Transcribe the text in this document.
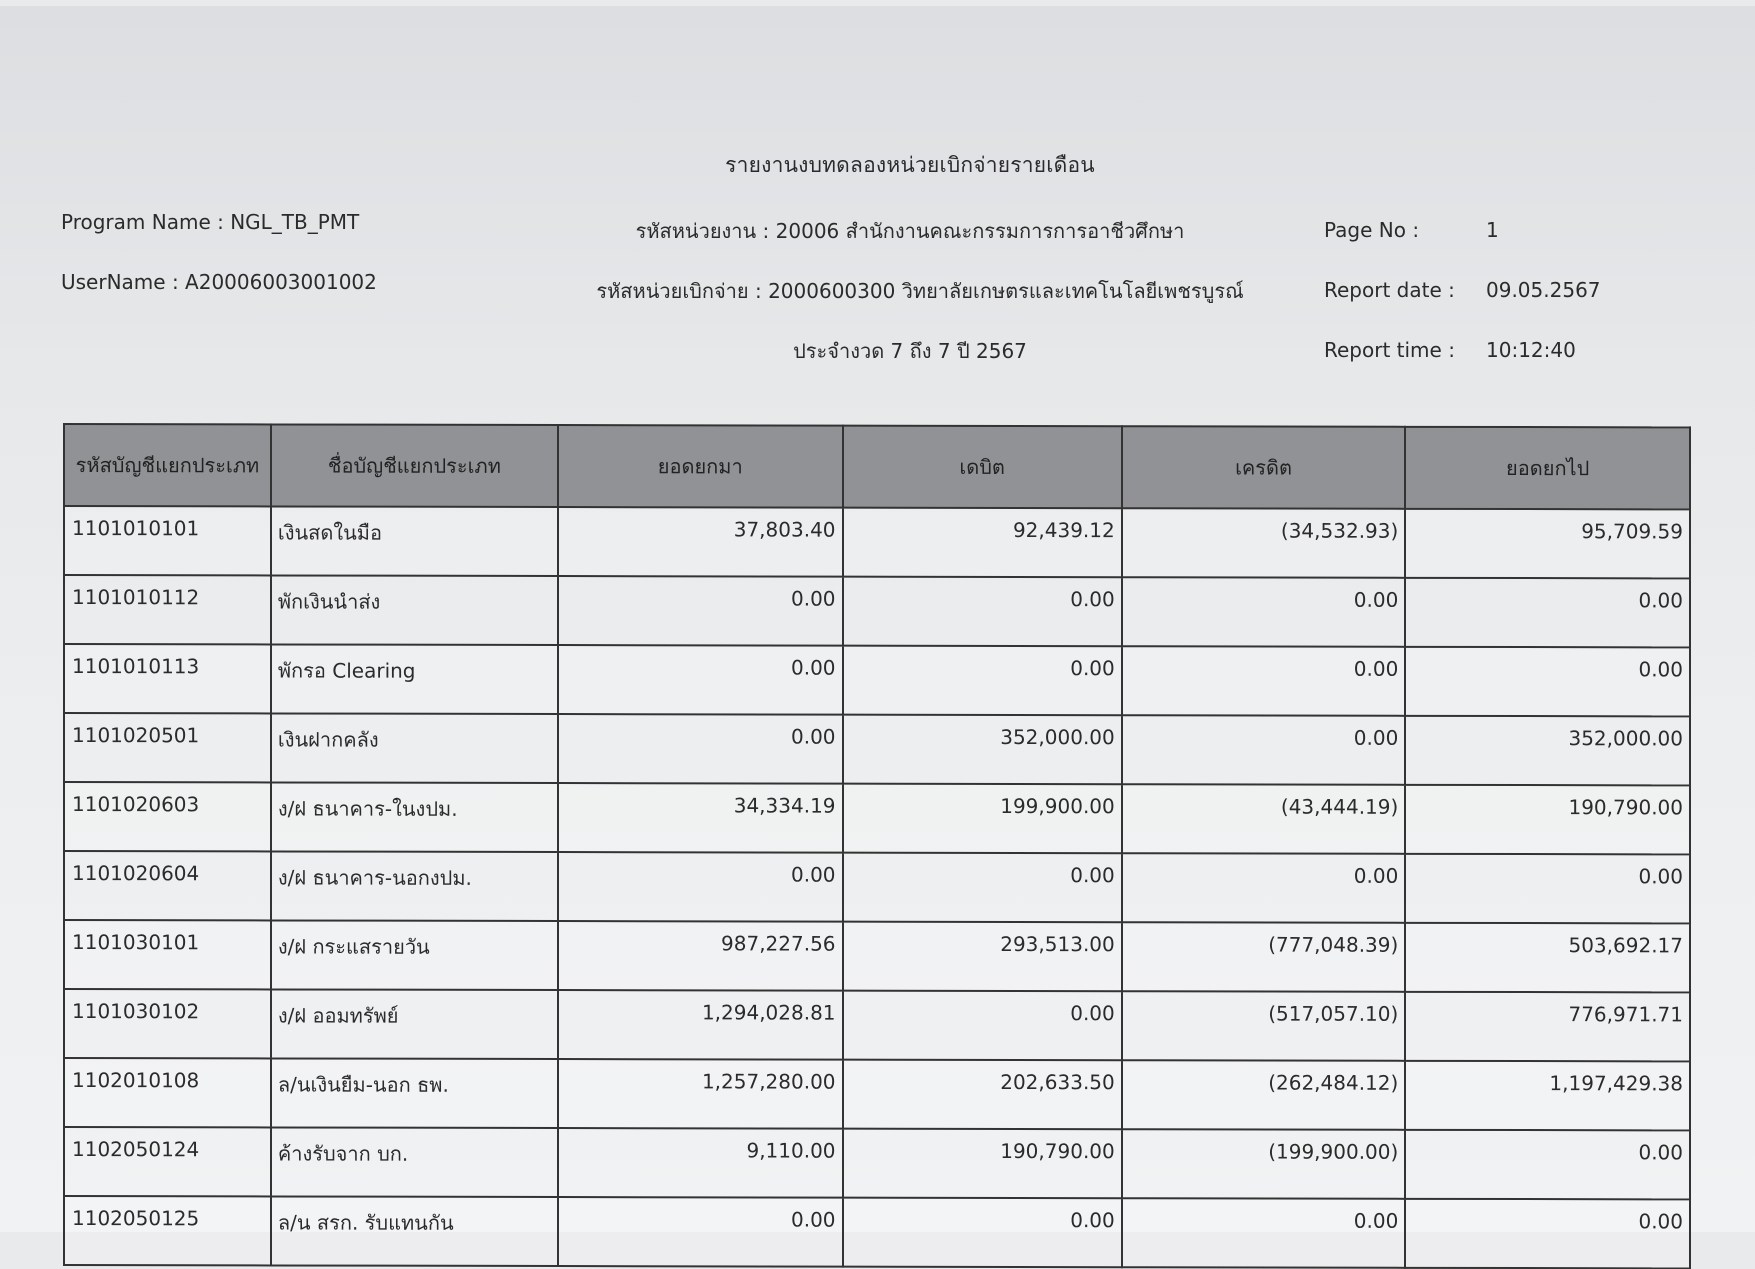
รายงานงบทดลองหน่วยเบิกจ่ายรายเดือน
Program Name : NGL_TB_PMT
UserName : A20006003001002
รหัสหน่วยงาน : 20006 สำนักงานคณะกรรมการการอาชีวศึกษา
รหัสหน่วยเบิกจ่าย : 2000600300 วิทยาลัยเกษตรและเทคโนโลยีเพชรบูรณ์
ประจำงวด 7 ถึง 7 ปี 2567
Page No :	1
Report date : 09.05.2567
Report time : 10:12:40
รหัสบัญชีแยกประเภท	ชื่อบัญชีแยกประเภท	ยอดยกมา	เดบิต	เครดิต	ยอดยกไป
1101010101	เงินสดในมือ	37,803.40	92,439.12	(34,532.93)	95,709.59
1101010112	พักเงินนำส่ง	0.00	0.00	0.00	0.00
1101010113	พักรอ Clearing	0.00	0.00	0.00	0.00
1101020501	เงินฝากคลัง	0.00	352,000.00	0.00	352,000.00
1101020603	ง/ฝ ธนาคาร-ในงปม.	34,334.19	199,900.00	(43,444.19)	190,790.00
1101020604	ง/ฝ ธนาคาร-นอกงปม.	0.00	0.00	0.00	0.00
1101030101	ง/ฝ กระแสรายวัน	987,227.56	293,513.00	(777,048.39)	503,692.17
1101030102	ง/ฝ ออมทรัพย์	1,294,028.81	0.00	(517,057.10)	776,971.71
1102010108	ล/นเงินยืม-นอก ธพ.	1,257,280.00	202,633.50	(262,484.12)	1,197,429.38
1102050124	ค้างรับจาก บก.	9,110.00	190,790.00	(199,900.00)	0.00
1102050125	ล/น สรก. รับแทนกัน	0.00	0.00	0.00	0.00
